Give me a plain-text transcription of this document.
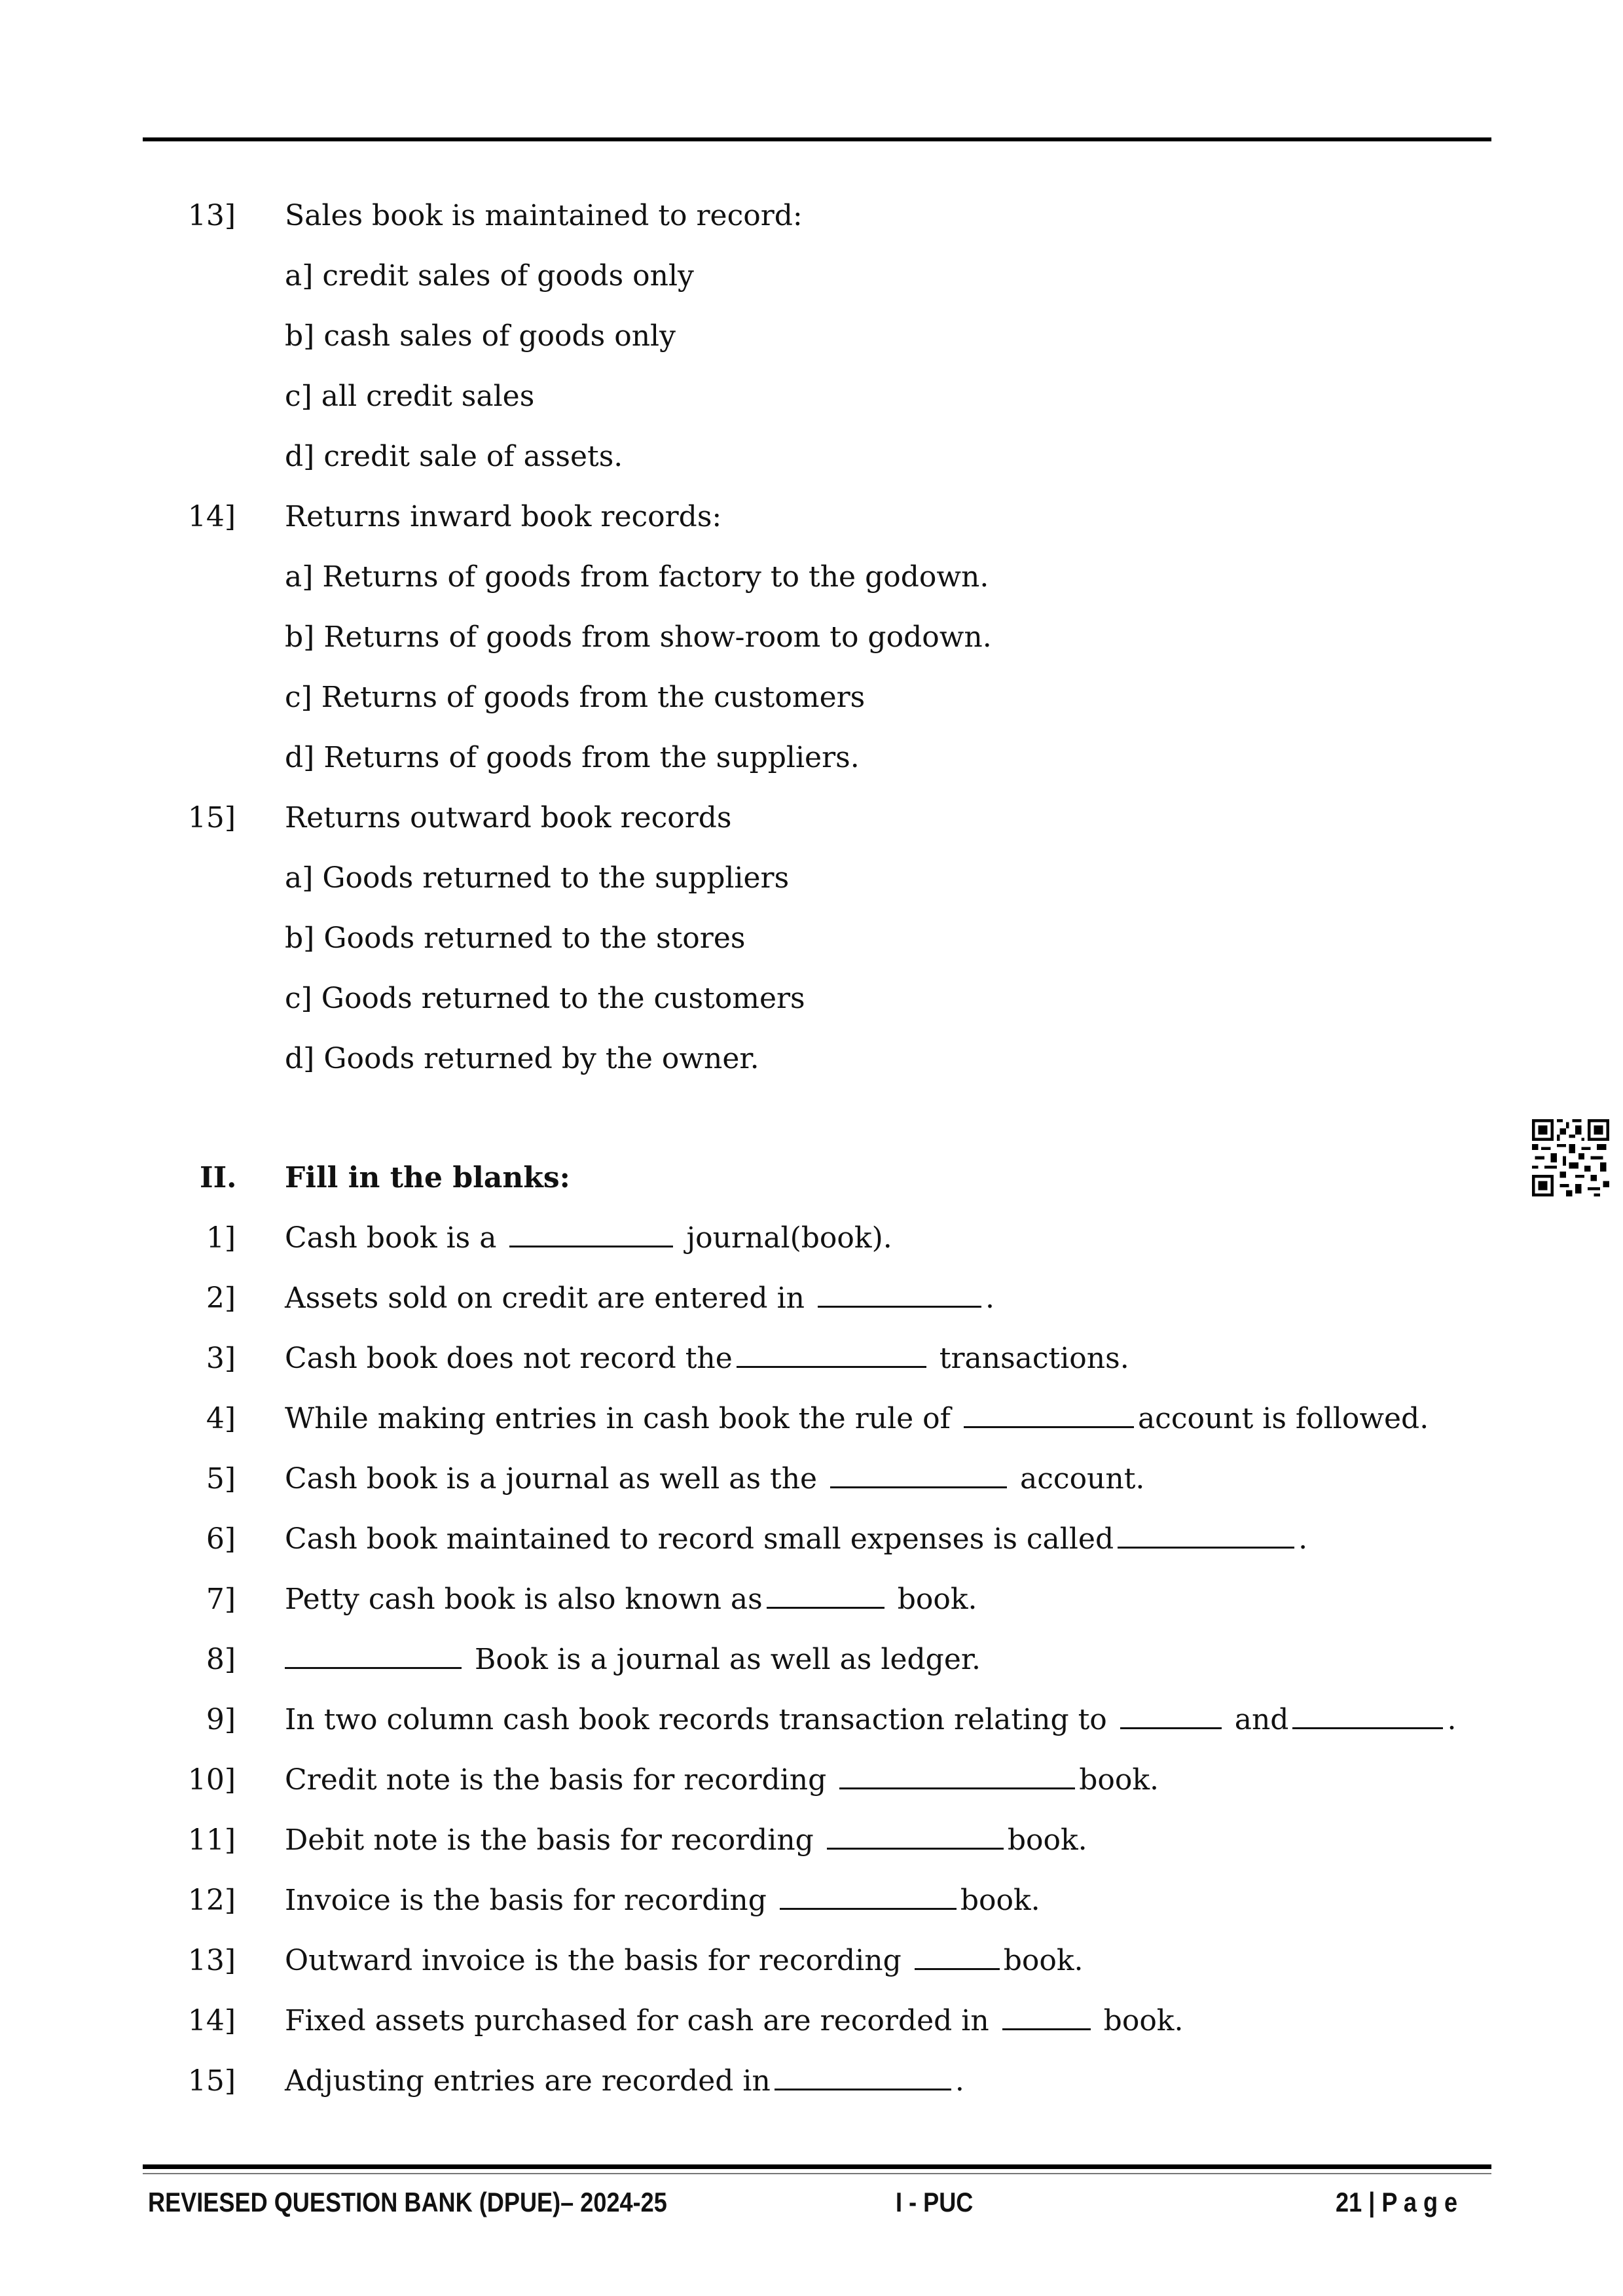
13] Sales book is maintained to record:
a] credit sales of goods only
b] cash sales of goods only
c] all credit sales
d] credit sale of assets.
14] Returns inward book records:
a] Returns of goods from factory to the godown.
b] Returns of goods from show-room to godown.
c] Returns of goods from the customers
d] Returns of goods from the suppliers.
15] Returns outward book records
a] Goods returned to the suppliers
b] Goods returned to the stores
c] Goods returned to the customers
d] Goods returned by the owner.
II. Fill in the blanks:
1] Cash book is a	journal(book).
2] Assets sold on credit are entered in	.
3] Cash book does not record the	transactions.
4] While making entries in cash book the rule of	account is followed.
5] Cash book is a journal as well as the	account.
6] Cash book maintained to record small expenses is called	.
7] Petty cash book is also known as	book.
8]	Book is a journal as well as ledger.
9] In two column cash book records transaction relating to	and	.
10] Credit note is the basis for recording	book.
11] Debit note is the basis for recording	book.
12] Invoice is the basis for recording	book.
13] Outward invoice is the basis for recording	book.
14] Fixed assets purchased for cash are recorded in	book.
15] Adjusting entries are recorded in	.
REVIESED QUESTION BANK (DPUE)– 2024-25	I - PUC	21 | P a g e
